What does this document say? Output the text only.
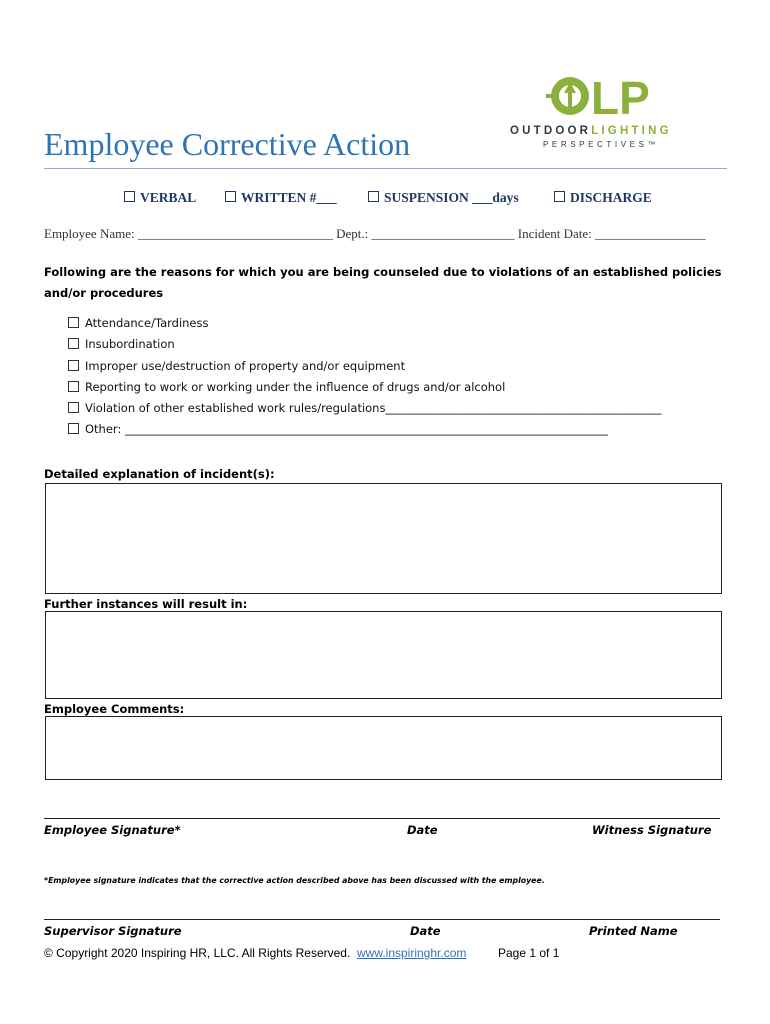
LP
OUTDOORLIGHTING
PERSPECTIVES™
Employee Corrective Action
VERBAL	WRITTEN #___	SUSPENSION ___days	DISCHARGE
Employee Name: ______________________________ Dept.: ______________________ Incident Date: _________________
Following are the reasons for which you are being counseled due to violations of an established policies and/or procedures
Attendance/Tardiness
Insubordination
Improper use/destruction of property and/or equipment
Reporting to work or working under the influence of drugs and/or alcohol
Violation of other established work rules/regulations________________________________________________
Other: ____________________________________________________________________________________
Detailed explanation of incident(s):
Further instances will result in:
Employee Comments:
Employee Signature*	Date	Witness Signature
*Employee signature indicates that the corrective action described above has been discussed with the employee.
Supervisor Signature	Date	Printed Name
© Copyright 2020 Inspiring HR, LLC. All Rights Reserved. www.inspiringhr.com	Page 1 of 1
